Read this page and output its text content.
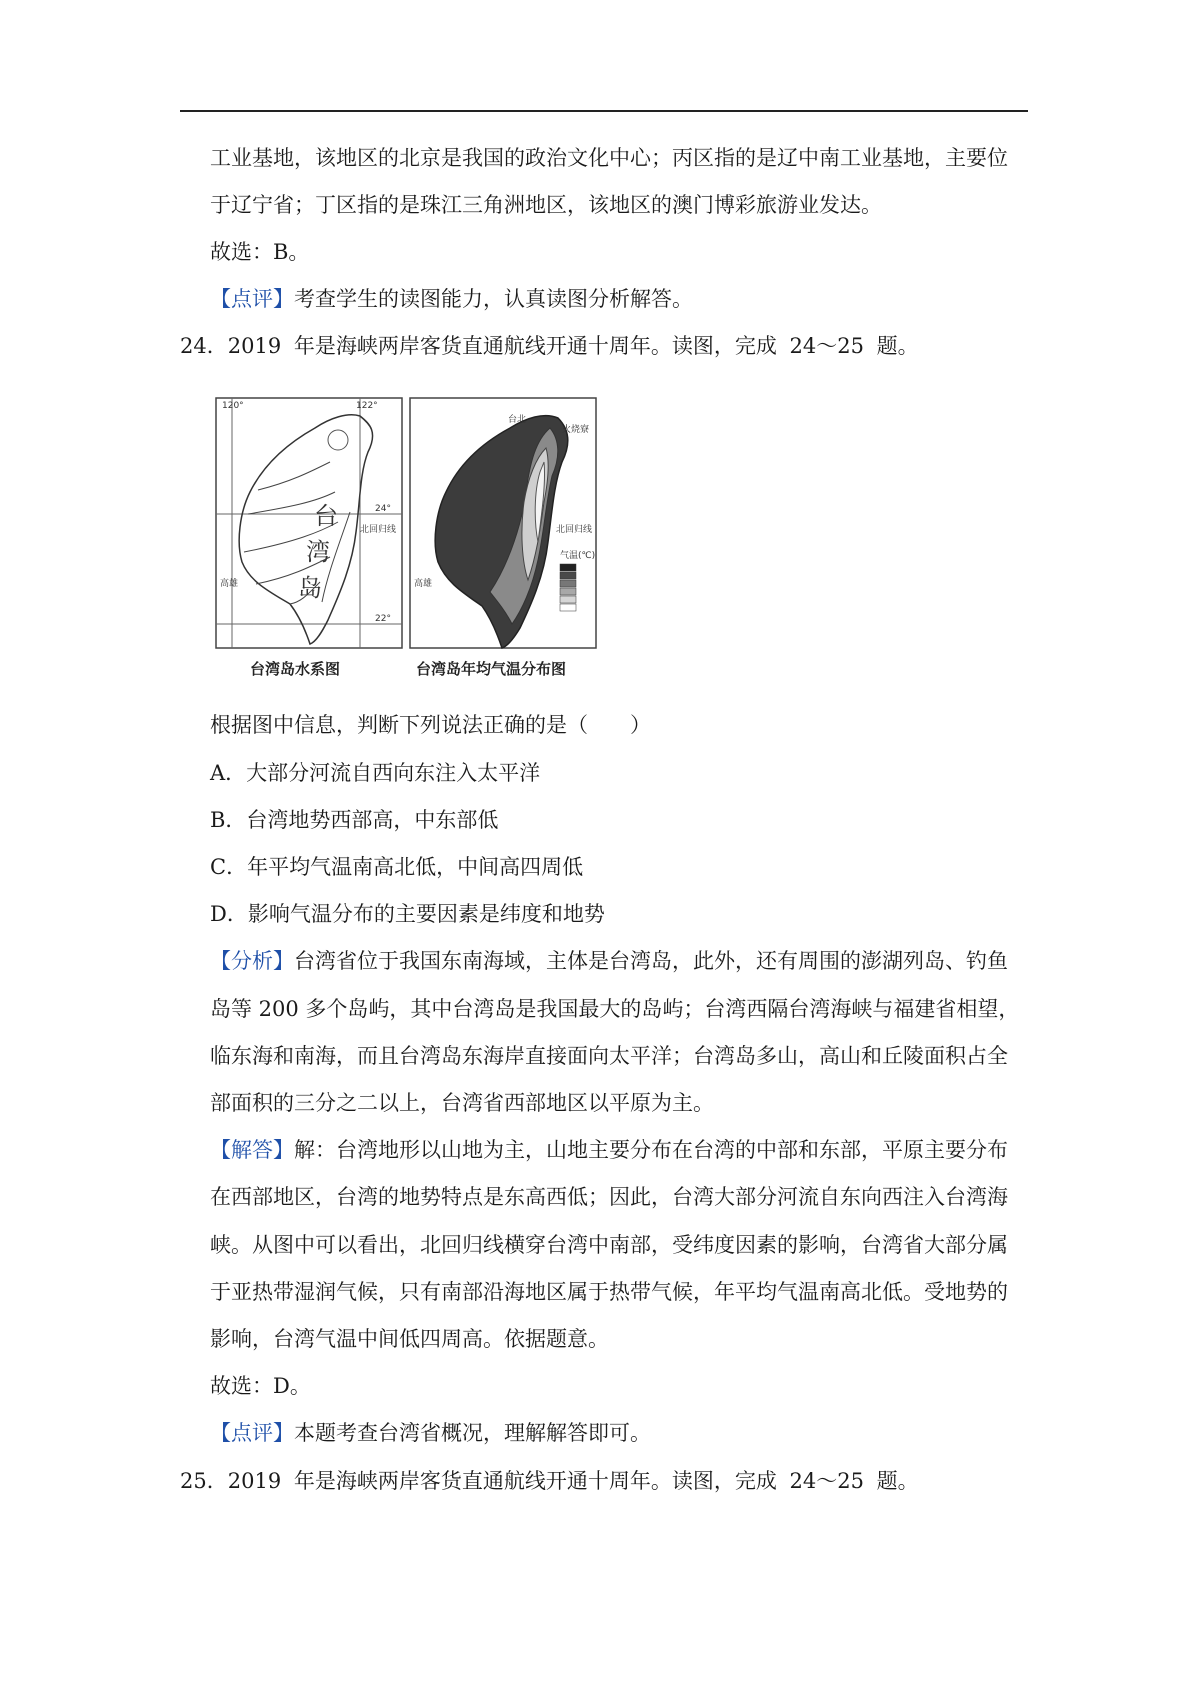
工业基地，该地区的北京是我国的政治文化中心；丙区指的是辽中南工业基地，主要位
于辽宁省；丁区指的是珠江三角洲地区，该地区的澳门博彩旅游业发达。
故选：B。
【点评】考查学生的读图能力，认真读图分析解答。
24．2019 年是海峡两岸客货直通航线开通十周年。读图，完成 24～25 题。
120°	122°
24°
22°
台
湾
岛
高雄
北回归线
台北
火烧寮
高雄
北回归线
气温(℃)
台湾岛水系图	台湾岛年均气温分布图
根据图中信息，判断下列说法正确的是（　　）
A．大部分河流自西向东注入太平洋
B．台湾地势西部高，中东部低
C．年平均气温南高北低，中间高四周低
D．影响气温分布的主要因素是纬度和地势
【分析】台湾省位于我国东南海域，主体是台湾岛，此外，还有周围的澎湖列岛、钓鱼
岛等 200 多个岛屿，其中台湾岛是我国最大的岛屿；台湾西隔台湾海峡与福建省相望，
临东海和南海，而且台湾岛东海岸直接面向太平洋；台湾岛多山，高山和丘陵面积占全
部面积的三分之二以上，台湾省西部地区以平原为主。
【解答】解：台湾地形以山地为主，山地主要分布在台湾的中部和东部，平原主要分布
在西部地区，台湾的地势特点是东高西低；因此，台湾大部分河流自东向西注入台湾海
峡。从图中可以看出，北回归线横穿台湾中南部，受纬度因素的影响，台湾省大部分属
于亚热带湿润气候，只有南部沿海地区属于热带气候，年平均气温南高北低。受地势的
影响，台湾气温中间低四周高。依据题意。
故选：D。
【点评】本题考查台湾省概况，理解解答即可。
25．2019 年是海峡两岸客货直通航线开通十周年。读图，完成 24～25 题。
